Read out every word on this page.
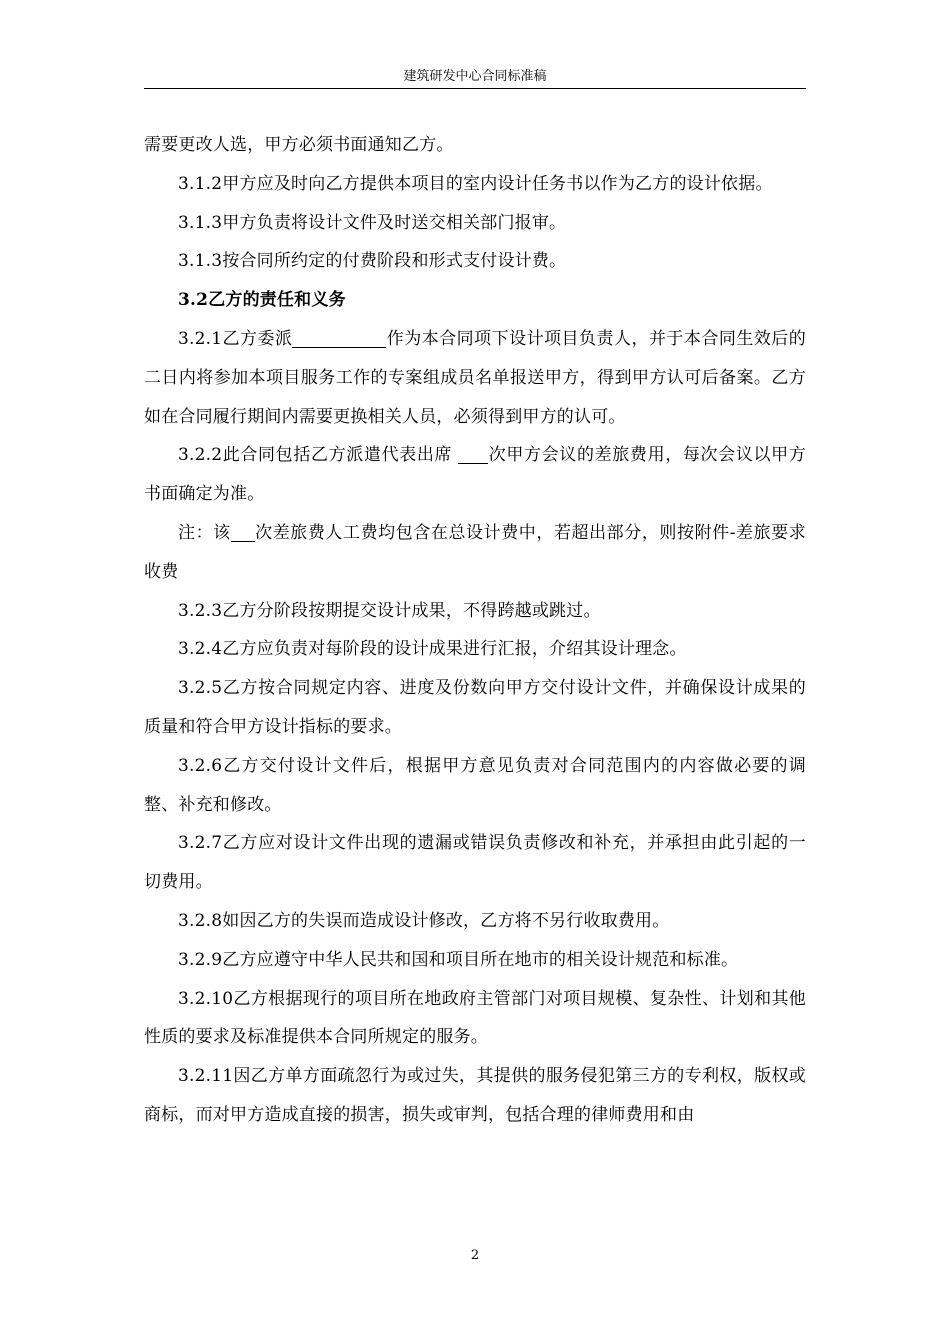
建筑研发中心合同标准稿

需要更改人选，甲方必须书面通知乙方。

3.1.2甲方应及时向乙方提供本项目的室内设计任务书以作为乙方的设计依据。

3.1.3甲方负责将设计文件及时送交相关部门报审。

3.1.3按合同所约定的付费阶段和形式支付设计费。

3.2乙方的责任和义务

3.2.1乙方委派	作为本合同项下设计项目负责人，并于本合同生效后的二日内将参加本项目服务工作的专案组成员名单报送甲方，得到甲方认可后备案。乙方如在合同履行期间内需要更换相关人员，必须得到甲方的认可。

3.2.2此合同包括乙方派遣代表出席 次甲方会议的差旅费用，每次会议以甲方书面确定为准。

注：该 次差旅费人工费均包含在总设计费中，若超出部分，则按附件-差旅要求收费

3.2.3乙方分阶段按期提交设计成果，不得跨越或跳过。

3.2.4乙方应负责对每阶段的设计成果进行汇报，介绍其设计理念。

3.2.5乙方按合同规定内容、进度及份数向甲方交付设计文件，并确保设计成果的质量和符合甲方设计指标的要求。

3.2.6乙方交付设计文件后，根据甲方意见负责对合同范围内的内容做必要的调整、补充和修改。

3.2.7乙方应对设计文件出现的遗漏或错误负责修改和补充，并承担由此引起的一切费用。

3.2.8如因乙方的失误而造成设计修改，乙方将不另行收取费用。

3.2.9乙方应遵守中华人民共和国和项目所在地市的相关设计规范和标准。

3.2.10乙方根据现行的项目所在地政府主管部门对项目规模、复杂性、计划和其他性质的要求及标准提供本合同所规定的服务。

3.2.11因乙方单方面疏忽行为或过失，其提供的服务侵犯第三方的专利权，版权或商标，而对甲方造成直接的损害，损失或审判，包括合理的律师费用和由

2
